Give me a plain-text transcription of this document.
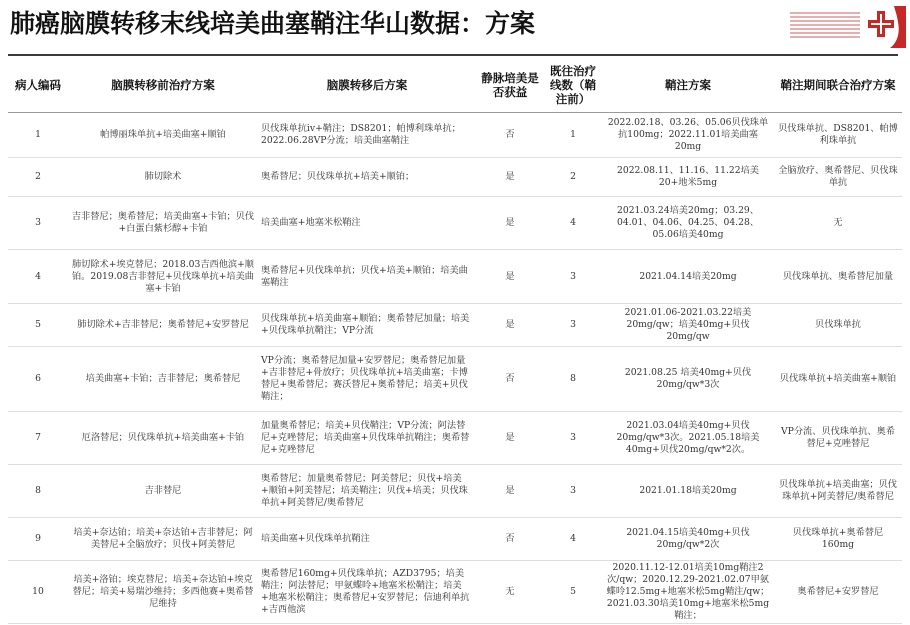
肺癌脑膜转移末线培美曲塞鞘注华山数据：方案
病人编码	脑膜转移前治疗方案	脑膜转移后方案	静脉培美是否获益	既往治疗线数（鞘注前）	鞘注方案	鞘注期间联合治疗方案
1	帕博丽珠单抗+培美曲塞+顺铂	贝伐珠单抗iv+鞘注；DS8201；帕博利珠单抗；2022.06.28VP分流；培美曲塞鞘注	否	1	2022.02.18、03.26、05.06贝伐珠单抗100mg；2022.11.01培美曲塞20mg	贝伐珠单抗、DS8201、帕博利珠单抗
2	肺切除术	奥希替尼；贝伐珠单抗+培美+顺铂；	是	2	2022.08.11、11.16、11.22培美20+地米5mg	全脑放疗、奥希替尼、贝伐珠单抗
3	吉非替尼；奥希替尼；培美曲塞+卡铂；贝伐+白蛋白紫杉醇+卡铂	培美曲塞+地塞米松鞘注	是	4	2021.03.24培美20mg；03.29、04.01、04.06、04.25、04.28、05.06培美40mg	无
4	肺切除术+埃克替尼；2018.03吉西他滨+顺铂。2019.08吉非替尼+贝伐珠单抗+培美曲塞+卡铂	奥希替尼+贝伐珠单抗；贝伐+培美+顺铂；培美曲塞鞘注	是	3	2021.04.14培美20mg	贝伐珠单抗、奥希替尼加量
5	肺切除术+吉非替尼；奥希替尼+安罗替尼	贝伐珠单抗+培美曲塞+顺铂；奥希替尼加量；培美+贝伐珠单抗鞘注；VP分流	是	3	2021.01.06-2021.03.22培美20mg/qw；培美40mg+贝伐20mg/qw	贝伐珠单抗
6	培美曲塞+卡铂；吉非替尼；奥希替尼	VP分流；奥希替尼加量+安罗替尼；奥希替尼加量+吉非替尼+骨放疗；贝伐珠单抗+培美曲塞；卡博替尼+奥希替尼；赛沃替尼+奥希替尼；培美+贝伐鞘注；	否	8	2021.08.25 培美40mg+贝伐20mg/qw*3次	贝伐珠单抗+培美曲塞+顺铂
7	厄洛替尼；贝伐珠单抗+培美曲塞+卡铂	加量奥希替尼；培美+贝伐鞘注；VP分流；阿法替尼+克唑替尼；培美曲塞+贝伐珠单抗鞘注；奥希替尼+克唑替尼	是	3	2021.03.04培美40mg+贝伐20mg/qw*3次。2021.05.18培美40mg+贝伐20mg/qw*2次。	VP分流、贝伐珠单抗、奥希替尼+克唑替尼
8	吉非替尼	奥希替尼；加量奥希替尼；阿美替尼；贝伐+培美+顺铂+阿美替尼；培美鞘注；贝伐+培美；贝伐珠单抗+阿美替尼/奥希替尼	是	3	2021.01.18培美20mg	贝伐珠单抗+培美曲塞；贝伐珠单抗+阿美替尼/奥希替尼
9	培美+奈达铂；培美+奈达铂+吉非替尼；阿美替尼+全脑放疗；贝伐+阿美替尼	培美曲塞+贝伐珠单抗鞘注	否	4	2021.04.15培美40mg+贝伐20mg/qw*2次	贝伐珠单抗+奥希替尼160mg
10	培美+洛铂；埃克替尼；培美+奈达铂+埃克替尼；培美+易瑞沙维持；多西他赛+奥希替尼维持	奥希替尼160mg+贝伐珠单抗；AZD3795；培美鞘注；阿法替尼；甲氨蝶呤+地塞米松鞘注；培美+地塞米松鞘注；奥希替尼+安罗替尼；信迪利单抗+吉西他滨	无	5	2020.11.12-12.01培美10mg鞘注2次/qw；2020.12.29-2021.02.07甲氨蝶呤12.5mg+地塞米松5mg鞘注/qw；2021.03.30培美10mg+地塞米松5mg鞘注；	奥希替尼+安罗替尼
